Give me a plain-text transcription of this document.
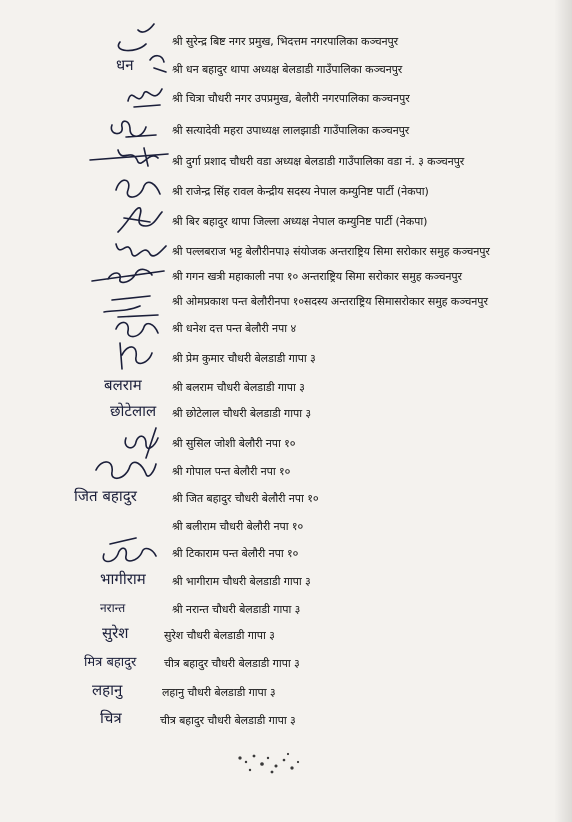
श्री सुरेन्द्र बिष्ट नगर प्रमुख, भिदत्तम नगरपालिका कञ्चनपुर
धन	श्री धन बहादुर थापा अध्यक्ष बेलडाडी गाउँपालिका कञ्चनपुर
श्री चित्रा चौधरी नगर उपप्रमुख, बेलौरी नगरपालिका कञ्चनपुर
श्री सत्यादेवी महरा उपाध्यक्ष लालझाडी गाउँपालिका कञ्चनपुर
श्री दुर्गा प्रशाद चौधरी वडा अध्यक्ष बेलडाडी गाउँपालिका वडा नं. ३ कञ्चनपुर
श्री राजेन्द्र सिंह रावल केन्द्रीय सदस्य नेपाल कम्युनिष्ट पार्टी (नेकपा)
श्री बिर बहादुर थापा जिल्ला अध्यक्ष नेपाल कम्युनिष्ट पार्टी (नेकपा)
श्री पल्लबराज भट्ट बेलौरीनपा३ संयोजक अन्तराष्ट्रिय सिमा सरोकार समुह कञ्चनपुर
श्री गगन खत्री महाकाली नपा १० अन्तराष्ट्रिय सिमा सरोकार समुह कञ्चनपुर
श्री ओमप्रकाश पन्त बेलौरीनपा १०सदस्य अन्तराष्ट्रिय सिमासरोकार समुह कञ्चनपुर
श्री धनेश दत्त पन्त बेलौरी नपा ४
श्री प्रेम कुमार चौधरी बेलडाडी गापा ३
बलराम	श्री बलराम चौधरी बेलडाडी गापा ३
छोटेलाल श्री छोटेलाल चौधरी बेलडाडी गापा ३
श्री सुसिल जोशी बेलौरी नपा १०
श्री गोपाल पन्त बेलौरी नपा १०
जित बहादुर	श्री जित बहादुर चौधरी बेलौरी नपा १०
श्री बलीराम चौधरी बेलौरी नपा १०
श्री टिकाराम पन्त बेलौरी नपा १०
भागीराम श्री भागीराम चौधरी बेलडाडी गापा ३
नरान्त	श्री नरान्त चौधरी बेलडाडी गापा ३
सुरेश	सुरेश चौधरी बेलडाडी गापा ३
मित्र बहादुर	चीत्र बहादुर चौधरी बेलडाडी गापा ३
लहानु	लहानु चौधरी बेलडाडी गापा ३
चित्र	चीत्र बहादुर चौधरी बेलडाडी गापा ३
